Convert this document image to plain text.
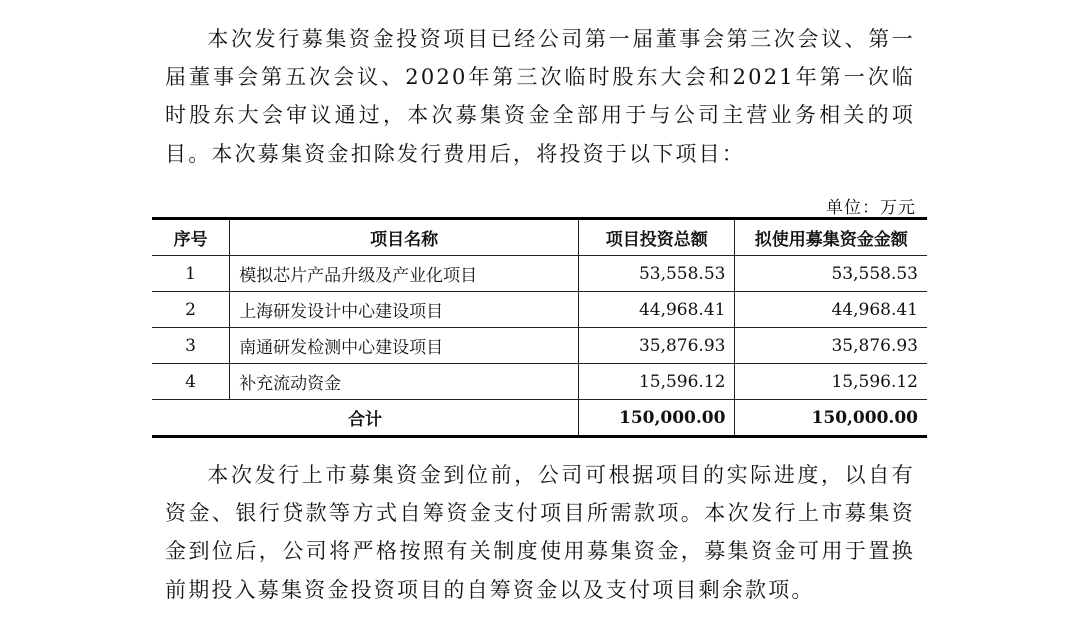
本次发行募集资金投资项目已经公司第一届董事会第三次会议、第一届董事会第五次会议、2020年第三次临时股东大会和2021年第一次临时股东大会审议通过，本次募集资金全部用于与公司主营业务相关的项目。本次募集资金扣除发行费用后，将投资于以下项目：

单位：万元
序号	项目名称	项目投资总额	拟使用募集资金金额
1	模拟芯片产品升级及产业化项目	53,558.53	53,558.53
2	上海研发设计中心建设项目	44,968.41	44,968.41
3	南通研发检测中心建设项目	35,876.93	35,876.93
4	补充流动资金	15,596.12	15,596.12
合计		150,000.00	150,000.00

本次发行上市募集资金到位前，公司可根据项目的实际进度，以自有资金、银行贷款等方式自筹资金支付项目所需款项。本次发行上市募集资金到位后，公司将严格按照有关制度使用募集资金，募集资金可用于置换前期投入募集资金投资项目的自筹资金以及支付项目剩余款项。
